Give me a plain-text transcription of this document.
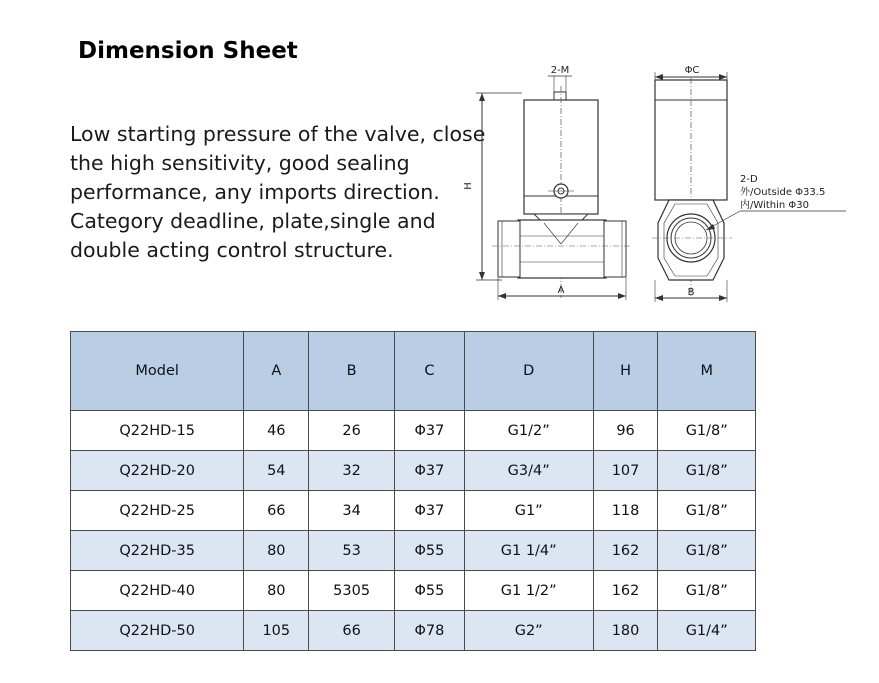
Dimension Sheet
Low starting pressure of the valve, close
the high sensitivity, good sealing
performance, any imports direction.
Category deadline, plate,single and
double acting control structure.
H
2-M
A
ΦC
2-D
外/Outside Φ33.5
内/Within Φ30
B
Model	A	B	C	D	H	M
Q22HD-15	46	26	Φ37	G1/2”	96	G1/8”
Q22HD-20	54	32	Φ37	G3/4”	107	G1/8”
Q22HD-25	66	34	Φ37	G1”	118	G1/8”
Q22HD-35	80	53	Φ55	G1 1/4”	162	G1/8”
Q22HD-40	80	5305	Φ55	G1 1/2”	162	G1/8”
Q22HD-50	105	66	Φ78	G2”	180	G1/4”
